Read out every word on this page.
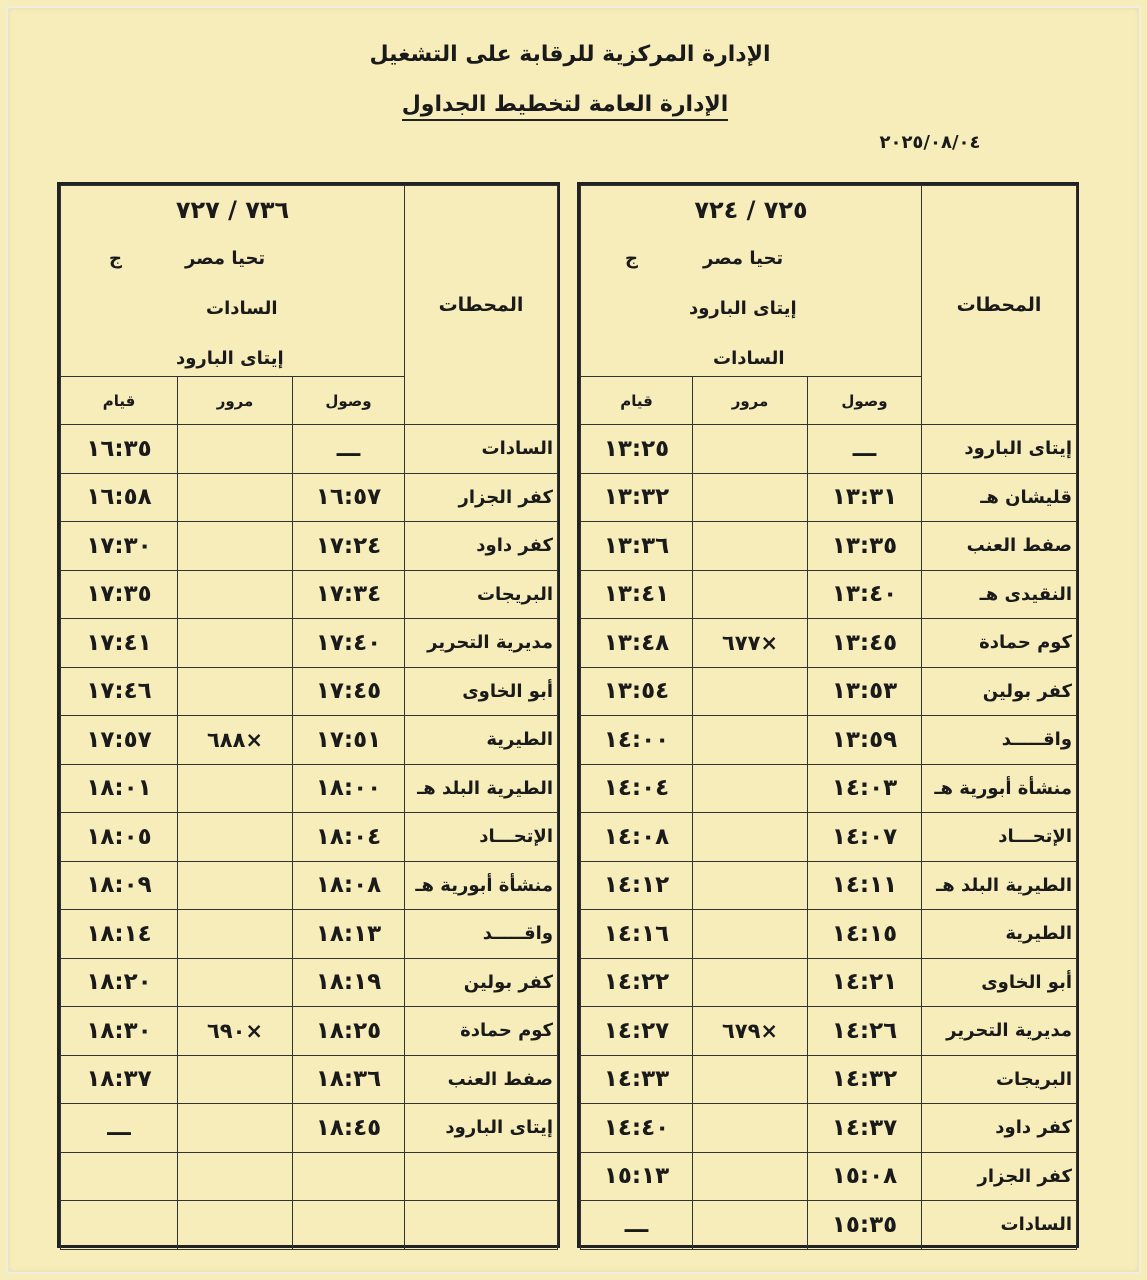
الإدارة المركزية للرقابة على التشغيل
الإدارة العامة لتخطيط الجداول
٢٠٢٥/٠٨/٠٤
٧٣٦ / ٧٢٧
تحيا مصر
ج
السادات
إيتاى البارود			المحطات
قيام	مرور	وصول	
١٦:٣٥		ـــ	السادات
١٦:٥٨		١٦:٥٧	كفر الجزار
١٧:٣٠		١٧:٢٤	كفر داود
١٧:٣٥		١٧:٣٤	البريجات
١٧:٤١		١٧:٤٠	مديرية التحرير
١٧:٤٦		١٧:٤٥	أبو الخاوى
١٧:٥٧	٦٨٨×	١٧:٥١	الطيرية
١٨:٠١		١٨:٠٠	الطيرية البلد هـ
١٨:٠٥		١٨:٠٤	الإتحـــاد
١٨:٠٩		١٨:٠٨	منشأة أبورية هـ
١٨:١٤		١٨:١٣	واقـــــد
١٨:٢٠		١٨:١٩	كفر بولين
١٨:٣٠	٦٩٠×	١٨:٢٥	كوم حمادة
١٨:٣٧		١٨:٣٦	صفط العنب
ـــ		١٨:٤٥	إيتاى البارود

٧٢٥ / ٧٢٤
تحيا مصر
ج
إيتاى البارود
السادات			المحطات
قيام	مرور	وصول	
١٣:٢٥		ـــ	إيتاى البارود
١٣:٣٢		١٣:٣١	قليشان هـ
١٣:٣٦		١٣:٣٥	صفط العنب
١٣:٤١		١٣:٤٠	النقيدى هـ
١٣:٤٨	٦٧٧×	١٣:٤٥	كوم حمادة
١٣:٥٤		١٣:٥٣	كفر بولين
١٤:٠٠		١٣:٥٩	واقـــــد
١٤:٠٤		١٤:٠٣	منشأة أبورية هـ
١٤:٠٨		١٤:٠٧	الإتحـــاد
١٤:١٢		١٤:١١	الطيرية البلد هـ
١٤:١٦		١٤:١٥	الطيرية
١٤:٢٢		١٤:٢١	أبو الخاوى
١٤:٢٧	٦٧٩×	١٤:٢٦	مديرية التحرير
١٤:٣٣		١٤:٣٢	البريجات
١٤:٤٠		١٤:٣٧	كفر داود
١٥:١٣		١٥:٠٨	كفر الجزار
ـــ		١٥:٣٥	السادات
